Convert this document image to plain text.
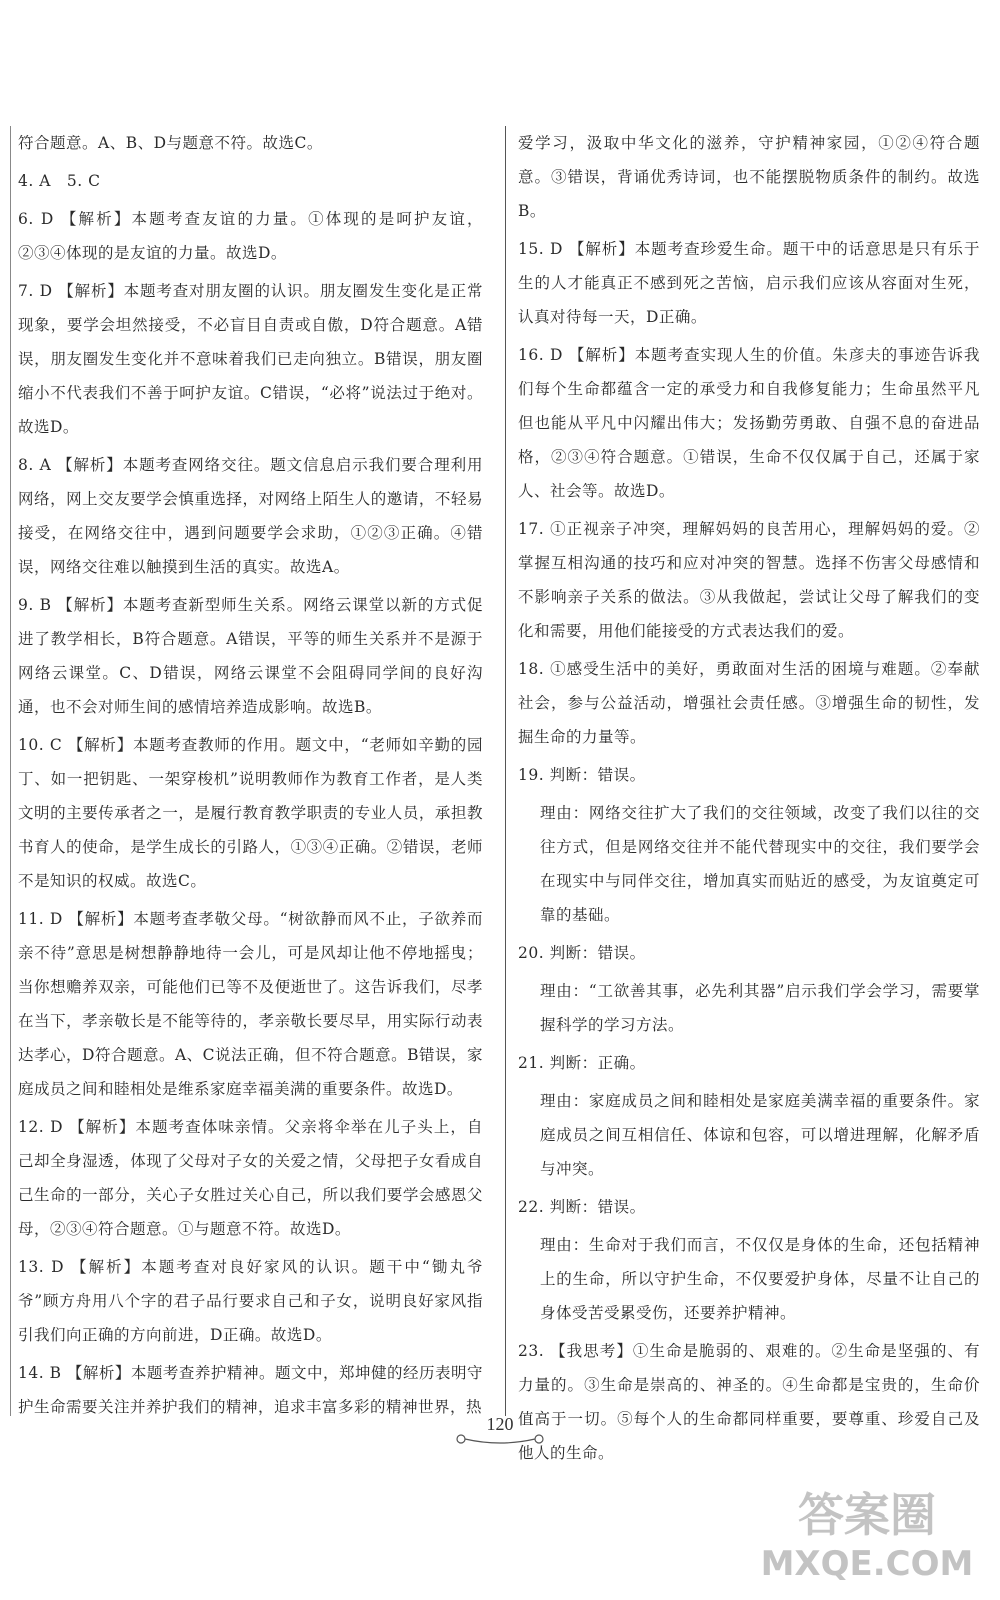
符合题意。A、B、D与题意不符。故选C。

4. A　5. C

6. D 【解析】本题考查友谊的力量。①体现的是呵护友谊，②③④体现的是友谊的力量。故选D。

7. D 【解析】本题考查对朋友圈的认识。朋友圈发生变化是正常现象，要学会坦然接受，不必盲目自责或自傲，D符合题意。A错误，朋友圈发生变化并不意味着我们已走向独立。B错误，朋友圈缩小不代表我们不善于呵护友谊。C错误，“必将”说法过于绝对。故选D。

8. A 【解析】本题考查网络交往。题文信息启示我们要合理利用网络，网上交友要学会慎重选择，对网络上陌生人的邀请，不轻易接受，在网络交往中，遇到问题要学会求助，①②③正确。④错误，网络交往难以触摸到生活的真实。故选A。

9. B 【解析】本题考查新型师生关系。网络云课堂以新的方式促进了教学相长，B符合题意。A错误，平等的师生关系并不是源于网络云课堂。C、D错误，网络云课堂不会阻碍同学间的良好沟通，也不会对师生间的感情培养造成影响。故选B。

10. C 【解析】本题考查教师的作用。题文中，“老师如辛勤的园丁、如一把钥匙、一架穿梭机”说明教师作为教育工作者，是人类文明的主要传承者之一，是履行教育教学职责的专业人员，承担教书育人的使命，是学生成长的引路人，①③④正确。②错误，老师不是知识的权威。故选C。

11. D 【解析】本题考查孝敬父母。“树欲静而风不止，子欲养而亲不待”意思是树想静静地待一会儿，可是风却让他不停地摇曳；当你想赡养双亲，可能他们已等不及便逝世了。这告诉我们，尽孝在当下，孝亲敬长是不能等待的，孝亲敬长要尽早，用实际行动表达孝心，D符合题意。A、C说法正确，但不符合题意。B错误，家庭成员之间和睦相处是维系家庭幸福美满的重要条件。故选D。

12. D 【解析】本题考查体味亲情。父亲将伞举在儿子头上，自己却全身湿透，体现了父母对子女的关爱之情，父母把子女看成自己生命的一部分，关心子女胜过关心自己，所以我们要学会感恩父母，②③④符合题意。①与题意不符。故选D。

13. D 【解析】本题考查对良好家风的认识。题干中“锄丸爷爷”顾方舟用八个字的君子品行要求自己和子女，说明良好家风指引我们向正确的方向前进，D正确。故选D。

14. B 【解析】本题考查养护精神。题文中，郑坤健的经历表明守护生命需要关注并养护我们的精神，追求丰富多彩的精神世界，热

爱学习，汲取中华文化的滋养，守护精神家园，①②④符合题意。③错误，背诵优秀诗词，也不能摆脱物质条件的制约。故选B。

15. D 【解析】本题考查珍爱生命。题干中的话意思是只有乐于生的人才能真正不感到死之苦恼，启示我们应该从容面对生死，认真对待每一天，D正确。

16. D 【解析】本题考查实现人生的价值。朱彦夫的事迹告诉我们每个生命都蕴含一定的承受力和自我修复能力；生命虽然平凡但也能从平凡中闪耀出伟大；发扬勤劳勇敢、自强不息的奋进品格，②③④符合题意。①错误，生命不仅仅属于自己，还属于家人、社会等。故选D。

17. ①正视亲子冲突，理解妈妈的良苦用心，理解妈妈的爱。②掌握互相沟通的技巧和应对冲突的智慧。选择不伤害父母感情和不影响亲子关系的做法。③从我做起，尝试让父母了解我们的变化和需要，用他们能接受的方式表达我们的爱。

18. ①感受生活中的美好，勇敢面对生活的困境与难题。②奉献社会，参与公益活动，增强社会责任感。③增强生命的韧性，发掘生命的力量等。

19. 判断：错误。

理由：网络交往扩大了我们的交往领域，改变了我们以往的交往方式，但是网络交往并不能代替现实中的交往，我们要学会在现实中与同伴交往，增加真实而贴近的感受，为友谊奠定可靠的基础。

20. 判断：错误。

理由：“工欲善其事，必先利其器”启示我们学会学习，需要掌握科学的学习方法。

21. 判断：正确。

理由：家庭成员之间和睦相处是家庭美满幸福的重要条件。家庭成员之间互相信任、体谅和包容，可以增进理解，化解矛盾与冲突。

22. 判断：错误。

理由：生命对于我们而言，不仅仅是身体的生命，还包括精神上的生命，所以守护生命，不仅要爱护身体，尽量不让自己的身体受苦受累受伤，还要养护精神。

23. 【我思考】①生命是脆弱的、艰难的。②生命是坚强的、有力量的。③生命是崇高的、神圣的。④生命都是宝贵的，生命价值高于一切。⑤每个人的生命都同样重要，要尊重、珍爱自己及他人的生命。

120
答案圈 MXQE.COM
